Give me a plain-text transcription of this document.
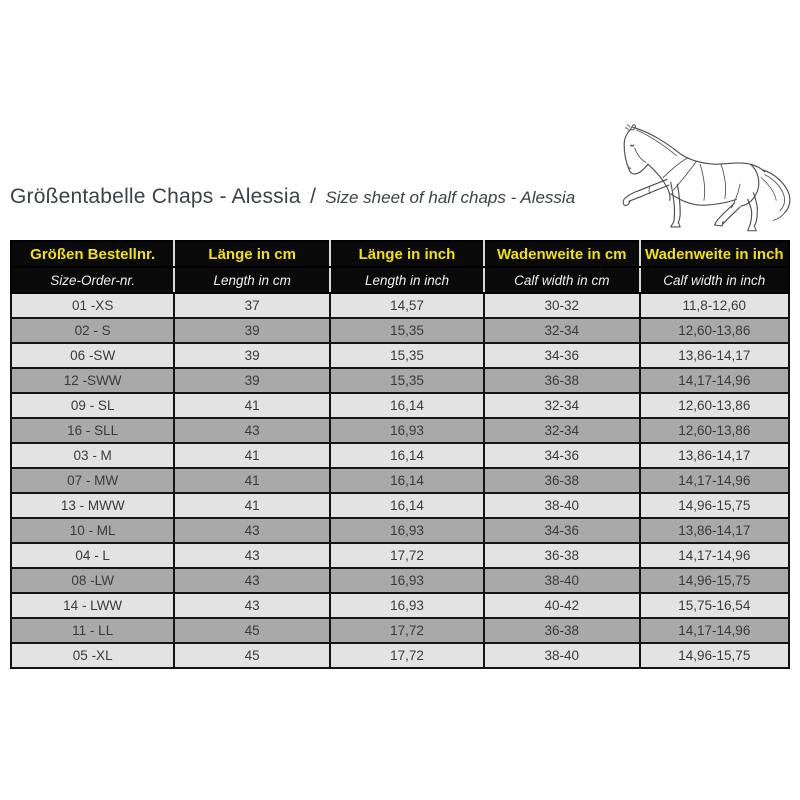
Größentabelle Chaps - Alessia / Size sheet of half chaps - Alessia
Größen Bestellnr.	Länge in cm	Länge in inch	Wadenweite in cm	Wadenweite in inch
Size-Order-nr.	Length in cm	Length in inch	Calf width in cm	Calf width in inch
01 -XS	37	14,57	30-32	11,8-12,60
02 - S	39	15,35	32-34	12,60-13,86
06 -SW	39	15,35	34-36	13,86-14,17
12 -SWW	39	15,35	36-38	14,17-14,96
09 - SL	41	16,14	32-34	12,60-13,86
16 - SLL	43	16,93	32-34	12,60-13,86
03 - M	41	16,14	34-36	13,86-14,17
07 - MW	41	16,14	36-38	14,17-14,96
13 - MWW	41	16,14	38-40	14,96-15,75
10 - ML	43	16,93	34-36	13,86-14,17
04 - L	43	17,72	36-38	14,17-14,96
08 -LW	43	16,93	38-40	14,96-15,75
14 - LWW	43	16,93	40-42	15,75-16,54
11 - LL	45	17,72	36-38	14,17-14,96
05 -XL	45	17,72	38-40	14,96-15,75
